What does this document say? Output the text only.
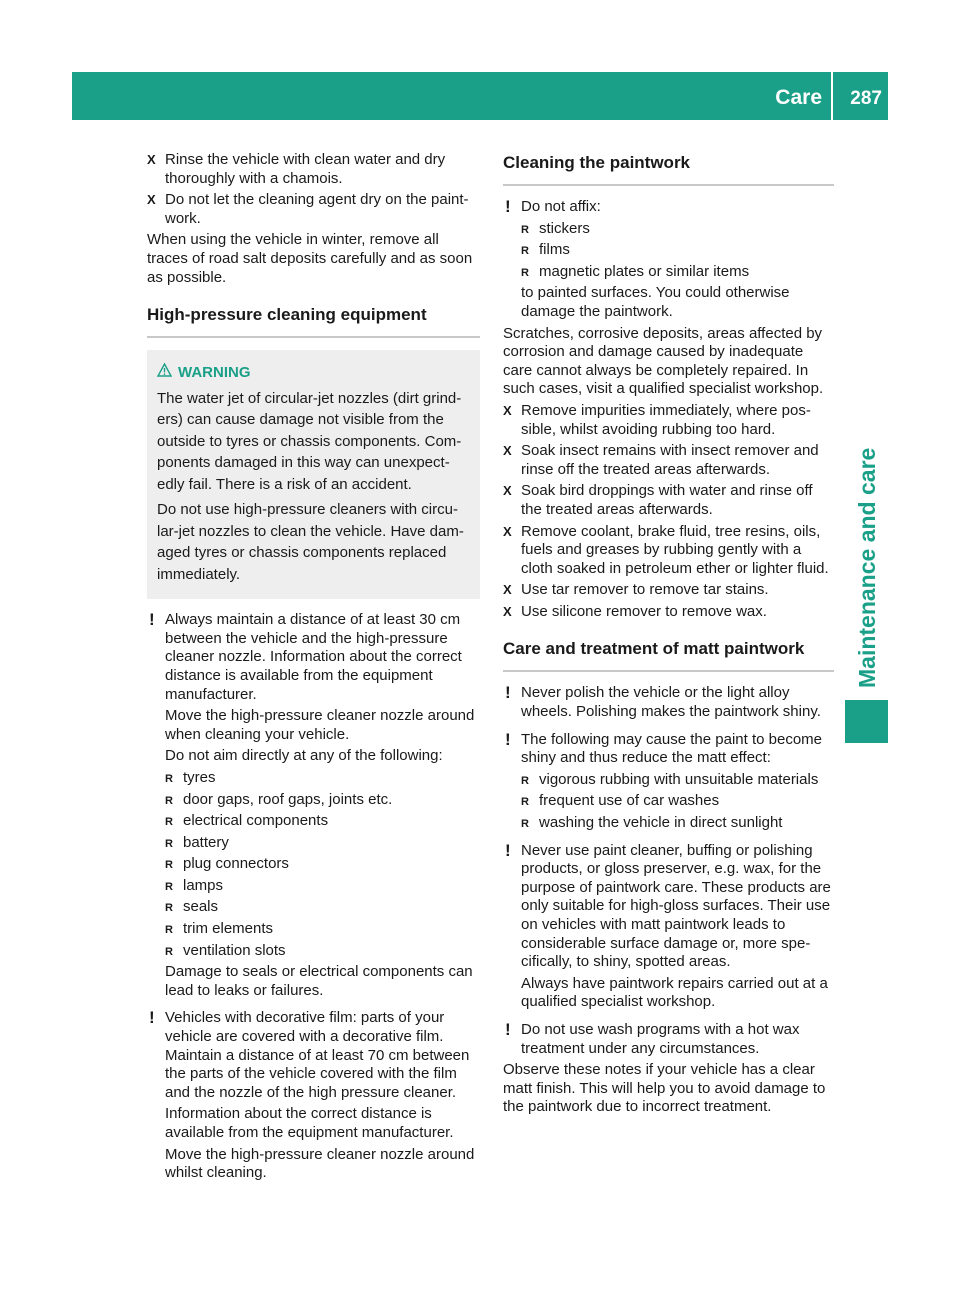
Care 287
Maintenance and care
X Rinse the vehicle with clean water and dry thoroughly with a chamois.
X Do not let the cleaning agent dry on the paint-work.

When using the vehicle in winter, remove all traces of road salt deposits carefully and as soon as possible.

High-pressure cleaning equipment
WARNING

The water jet of circular-jet nozzles (dirt grind-ers) can cause damage not visible from the outside to tyres or chassis components. Com-ponents damaged in this way can unexpect-edly fail. There is a risk of an accident.

Do not use high-pressure cleaners with circu-lar-jet nozzles to clean the vehicle. Have dam-aged tyres or chassis components replaced immediately.

! Always maintain a distance of at least 30 cm between the vehicle and the high-pressure cleaner nozzle. Information about the correct distance is available from the equipment manufacturer.

Move the high-pressure cleaner nozzle around when cleaning your vehicle.

Do not aim directly at any of the following:

R tyres
R door gaps, roof gaps, joints etc.
R electrical components
R battery
R plug connectors
R lamps
R seals
R trim elements
R ventilation slots

Damage to seals or electrical components can lead to leaks or failures.

! Vehicles with decorative film: parts of your vehicle are covered with a decorative film. Maintain a distance of at least 70 cm between the parts of the vehicle covered with the film and the nozzle of the high pressure cleaner.

Information about the correct distance is available from the equipment manufacturer.

Move the high-pressure cleaner nozzle around whilst cleaning.

Cleaning the paintwork
! Do not affix:
R stickers
R films
R magnetic plates or similar items

to painted surfaces. You could otherwise damage the paintwork.

Scratches, corrosive deposits, areas affected by corrosion and damage caused by inadequate care cannot always be completely repaired. In such cases, visit a qualified specialist workshop.

X Remove impurities immediately, where pos-sible, whilst avoiding rubbing too hard.
X Soak insect remains with insect remover and rinse off the treated areas afterwards.
X Soak bird droppings with water and rinse off the treated areas afterwards.
X Remove coolant, brake fluid, tree resins, oils, fuels and greases by rubbing gently with a cloth soaked in petroleum ether or lighter fluid.
X Use tar remover to remove tar stains.
X Use silicone remover to remove wax.
Care and treatment of matt paintwork
! Never polish the vehicle or the light alloy wheels. Polishing makes the paintwork shiny.
! The following may cause the paint to become shiny and thus reduce the matt effect:
R vigorous rubbing with unsuitable materials
R frequent use of car washes
R washing the vehicle in direct sunlight
! Never use paint cleaner, buffing or polishing products, or gloss preserver, e.g. wax, for the purpose of paintwork care. These products are only suitable for high-gloss surfaces. Their use on vehicles with matt paintwork leads to considerable surface damage or, more spe-cifically, to shiny, spotted areas.

Always have paintwork repairs carried out at a qualified specialist workshop.

! Do not use wash programs with a hot wax treatment under any circumstances.

Observe these notes if your vehicle has a clear matt finish. This will help you to avoid damage to the paintwork due to incorrect treatment.
